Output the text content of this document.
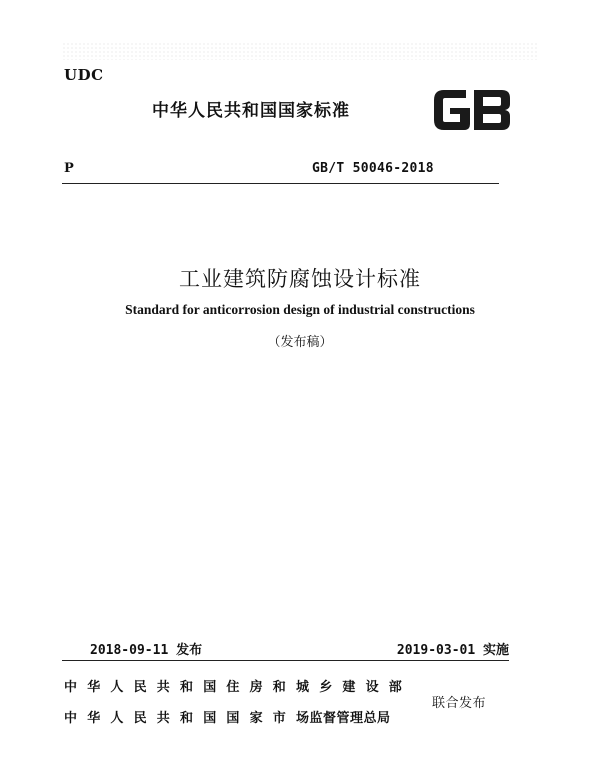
UDC
中华人民共和国国家标准
P	GB/T 50046-2018
工业建筑防腐蚀设计标准
Standard for anticorrosion design of industrial constructions
（发布稿）
2018-09-11 发布	2019-03-01 实施
中华人民共和国住房和城乡建设部
中华人民共和国国家市场监督管理总局
联合发布
